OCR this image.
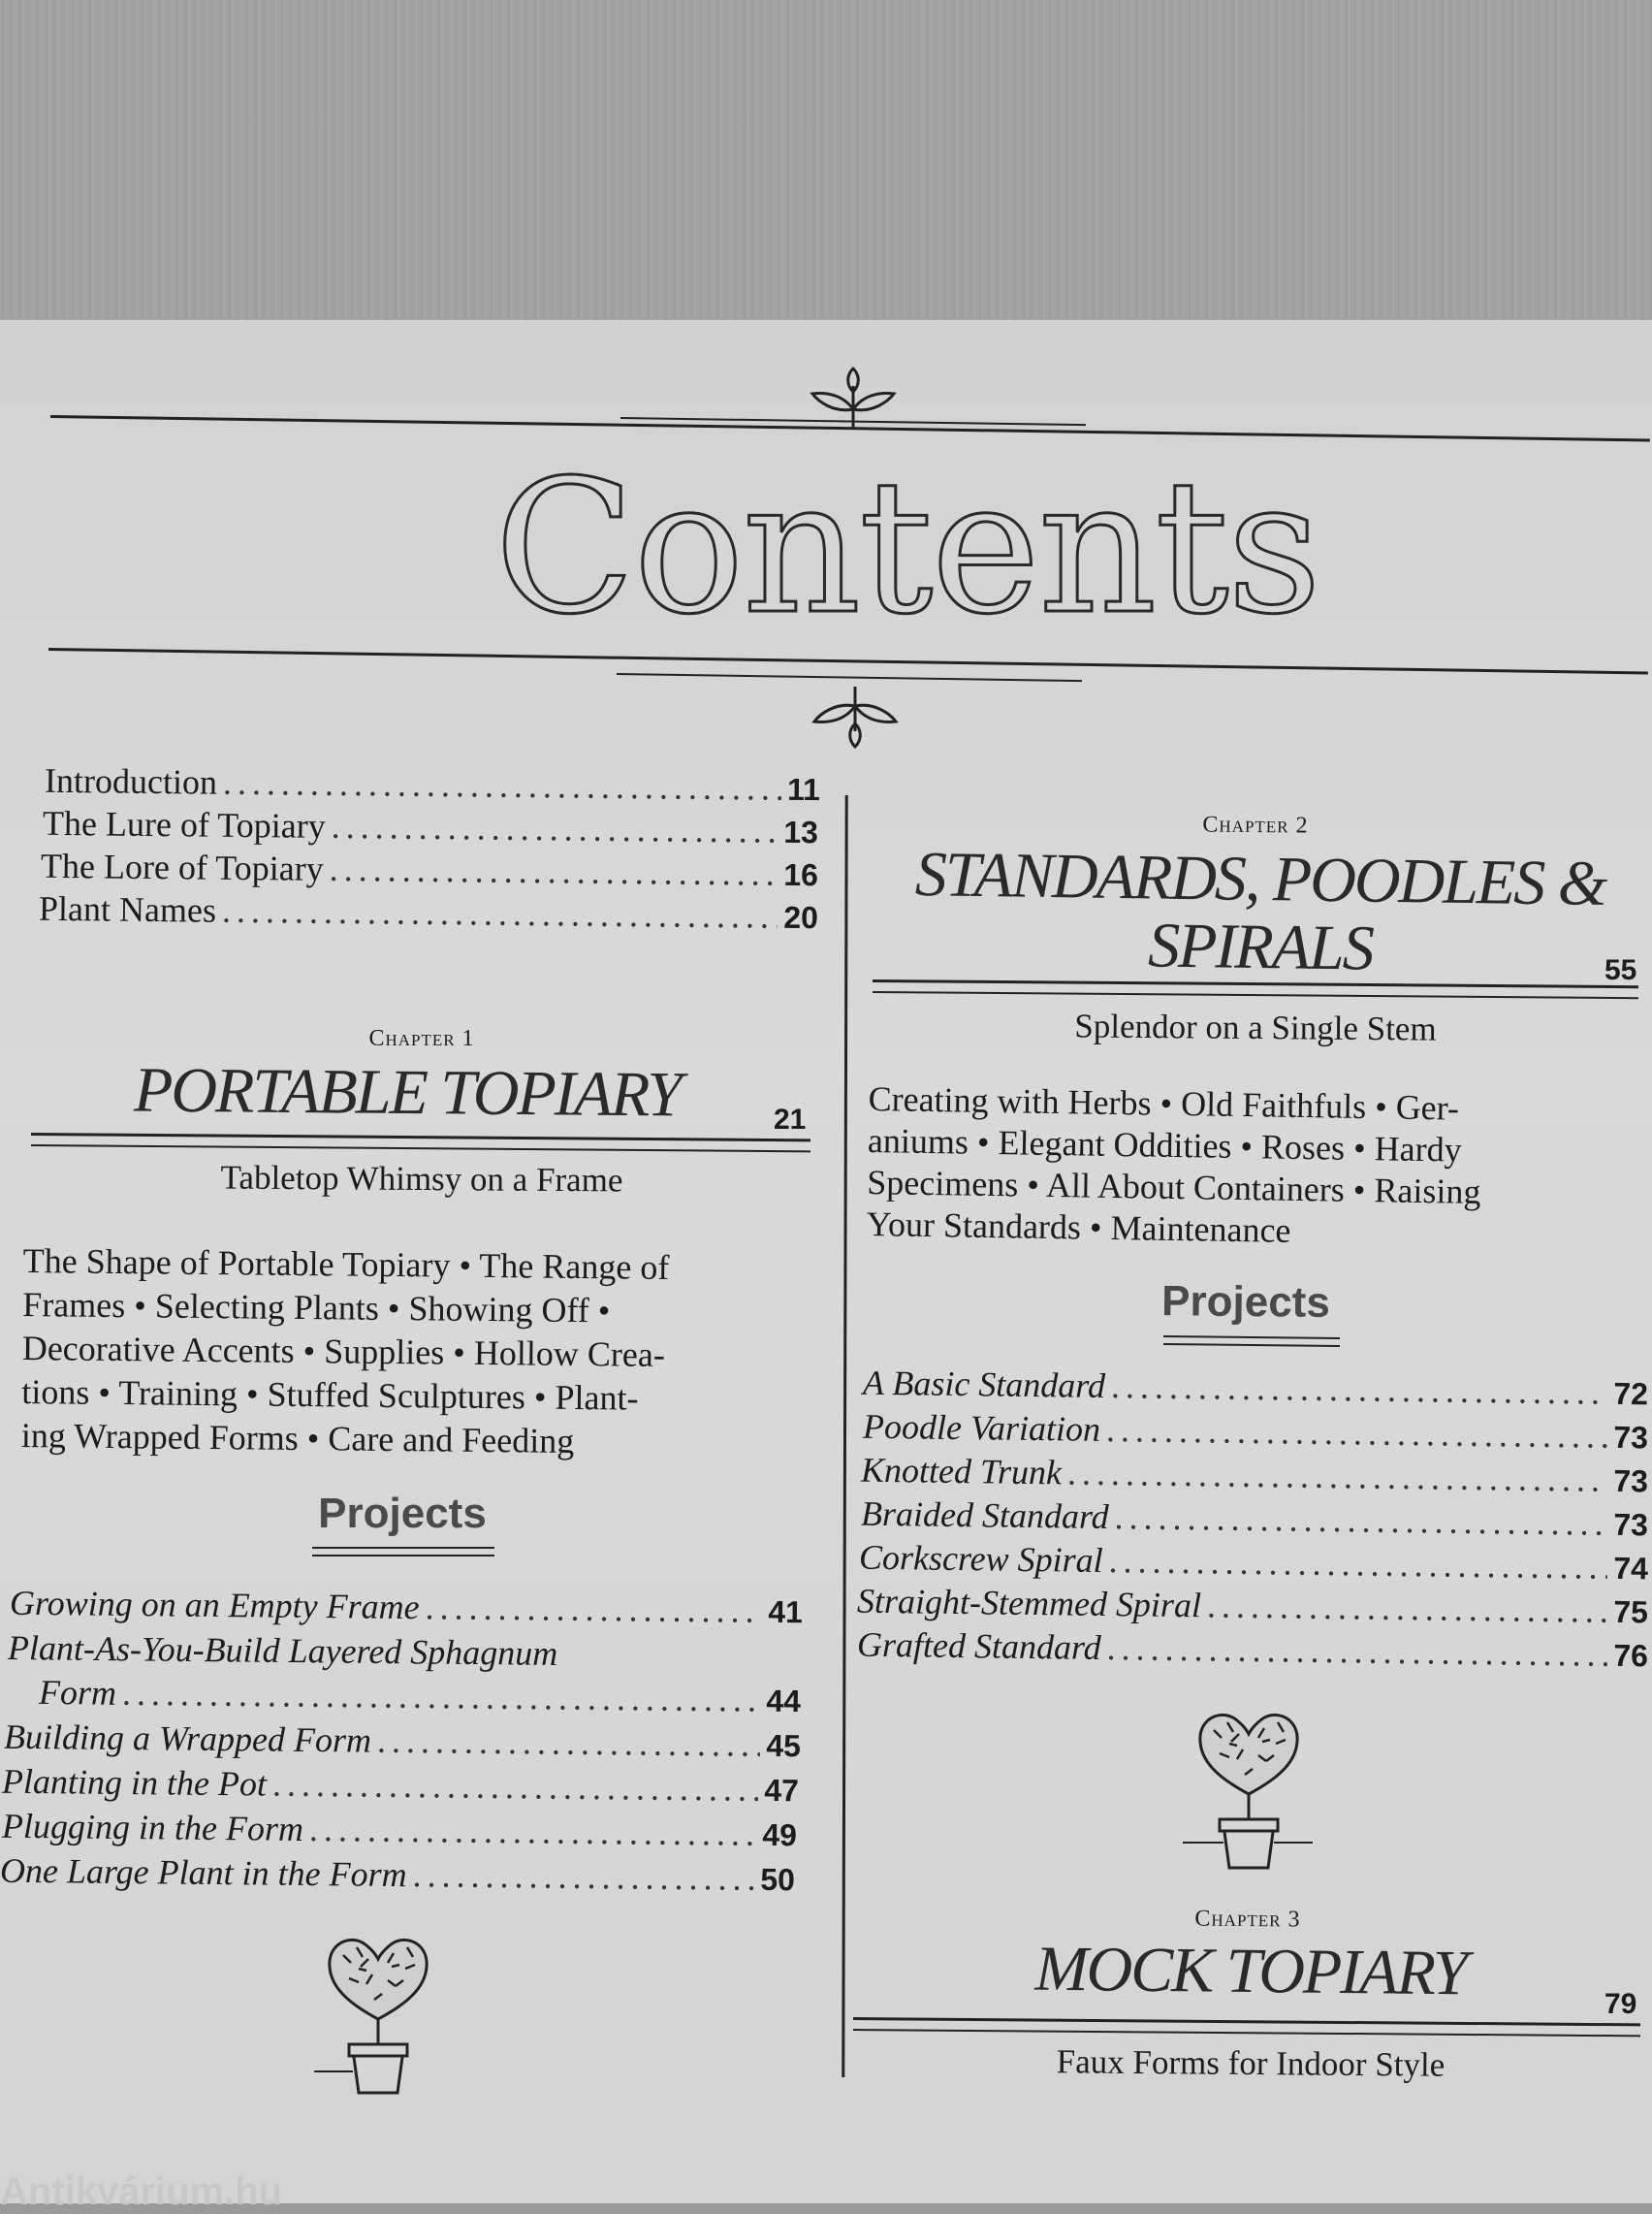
Contents
Introduction .....	11
The Lure of Topiary .....	13
The Lore of Topiary .....	16
Plant Names .....	20
Chapter 1
PORTABLE TOPIARY	21
Tabletop Whimsy on a Frame
The Shape of Portable Topiary • The Range of
Frames • Selecting Plants • Showing Off •
Decorative Accents • Supplies • Hollow Crea-
tions • Training • Stuffed Sculptures • Plant-
ing Wrapped Forms • Care and Feeding
Projects
Growing on an Empty Frame .....	41
Plant-As-You-Build Layered Sphagnum
Form .....	44
Building a Wrapped Form .....	45
Planting in the Pot .....	47
Plugging in the Form .....	49
One Large Plant in the Form .....	50
Chapter 2
STANDARDS, POODLES &
SPIRALS	55
Splendor on a Single Stem
Creating with Herbs • Old Faithfuls • Ger-
aniums • Elegant Oddities • Roses • Hardy
Specimens • All About Containers • Raising
Your Standards • Maintenance
Projects
A Basic Standard .....	72
Poodle Variation .....	73
Knotted Trunk .....	73
Braided Standard .....	73
Corkscrew Spiral .....	74
Straight-Stemmed Spiral .....	75
Grafted Standard .....	76
Chapter 3
MOCK TOPIARY	79
Faux Forms for Indoor Style
Antikvárium.hu
